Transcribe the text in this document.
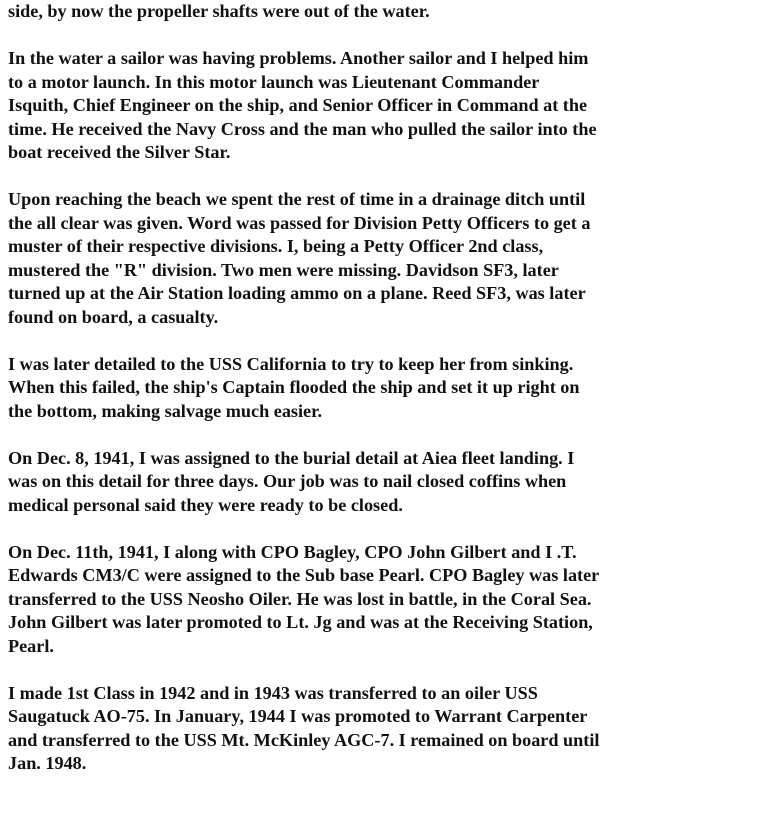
side, by now the propeller shafts were out of the water.

In the water a sailor was having problems. Another sailor and I helped him
to a motor launch. In this motor launch was Lieutenant Commander
Isquith, Chief Engineer on the ship, and Senior Officer in Command at the
time. He received the Navy Cross and the man who pulled the sailor into the
boat received the Silver Star.

Upon reaching the beach we spent the rest of time in a drainage ditch until
the all clear was given. Word was passed for Division Petty Officers to get a
muster of their respective divisions. I, being a Petty Officer 2nd class,
mustered the "R" division. Two men were missing. Davidson SF3, later
turned up at the Air Station loading ammo on a plane. Reed SF3, was later
found on board, a casualty.

I was later detailed to the USS California to try to keep her from sinking.
When this failed, the ship's Captain flooded the ship and set it up right on
the bottom, making salvage much easier.

On Dec. 8, 1941, I was assigned to the burial detail at Aiea fleet landing. I
was on this detail for three days. Our job was to nail closed coffins when
medical personal said they were ready to be closed.

On Dec. 11th, 1941, I along with CPO Bagley, CPO John Gilbert and I .T.
Edwards CM3/C were assigned to the Sub base Pearl. CPO Bagley was later
transferred to the USS Neosho Oiler. He was lost in battle, in the Coral Sea.
John Gilbert was later promoted to Lt. Jg and was at the Receiving Station,
Pearl.

I made 1st Class in 1942 and in 1943 was transferred to an oiler USS
Saugatuck AO-75. In January, 1944 I was promoted to Warrant Carpenter
and transferred to the USS Mt. McKinley AGC-7. I remained on board until
Jan. 1948.
